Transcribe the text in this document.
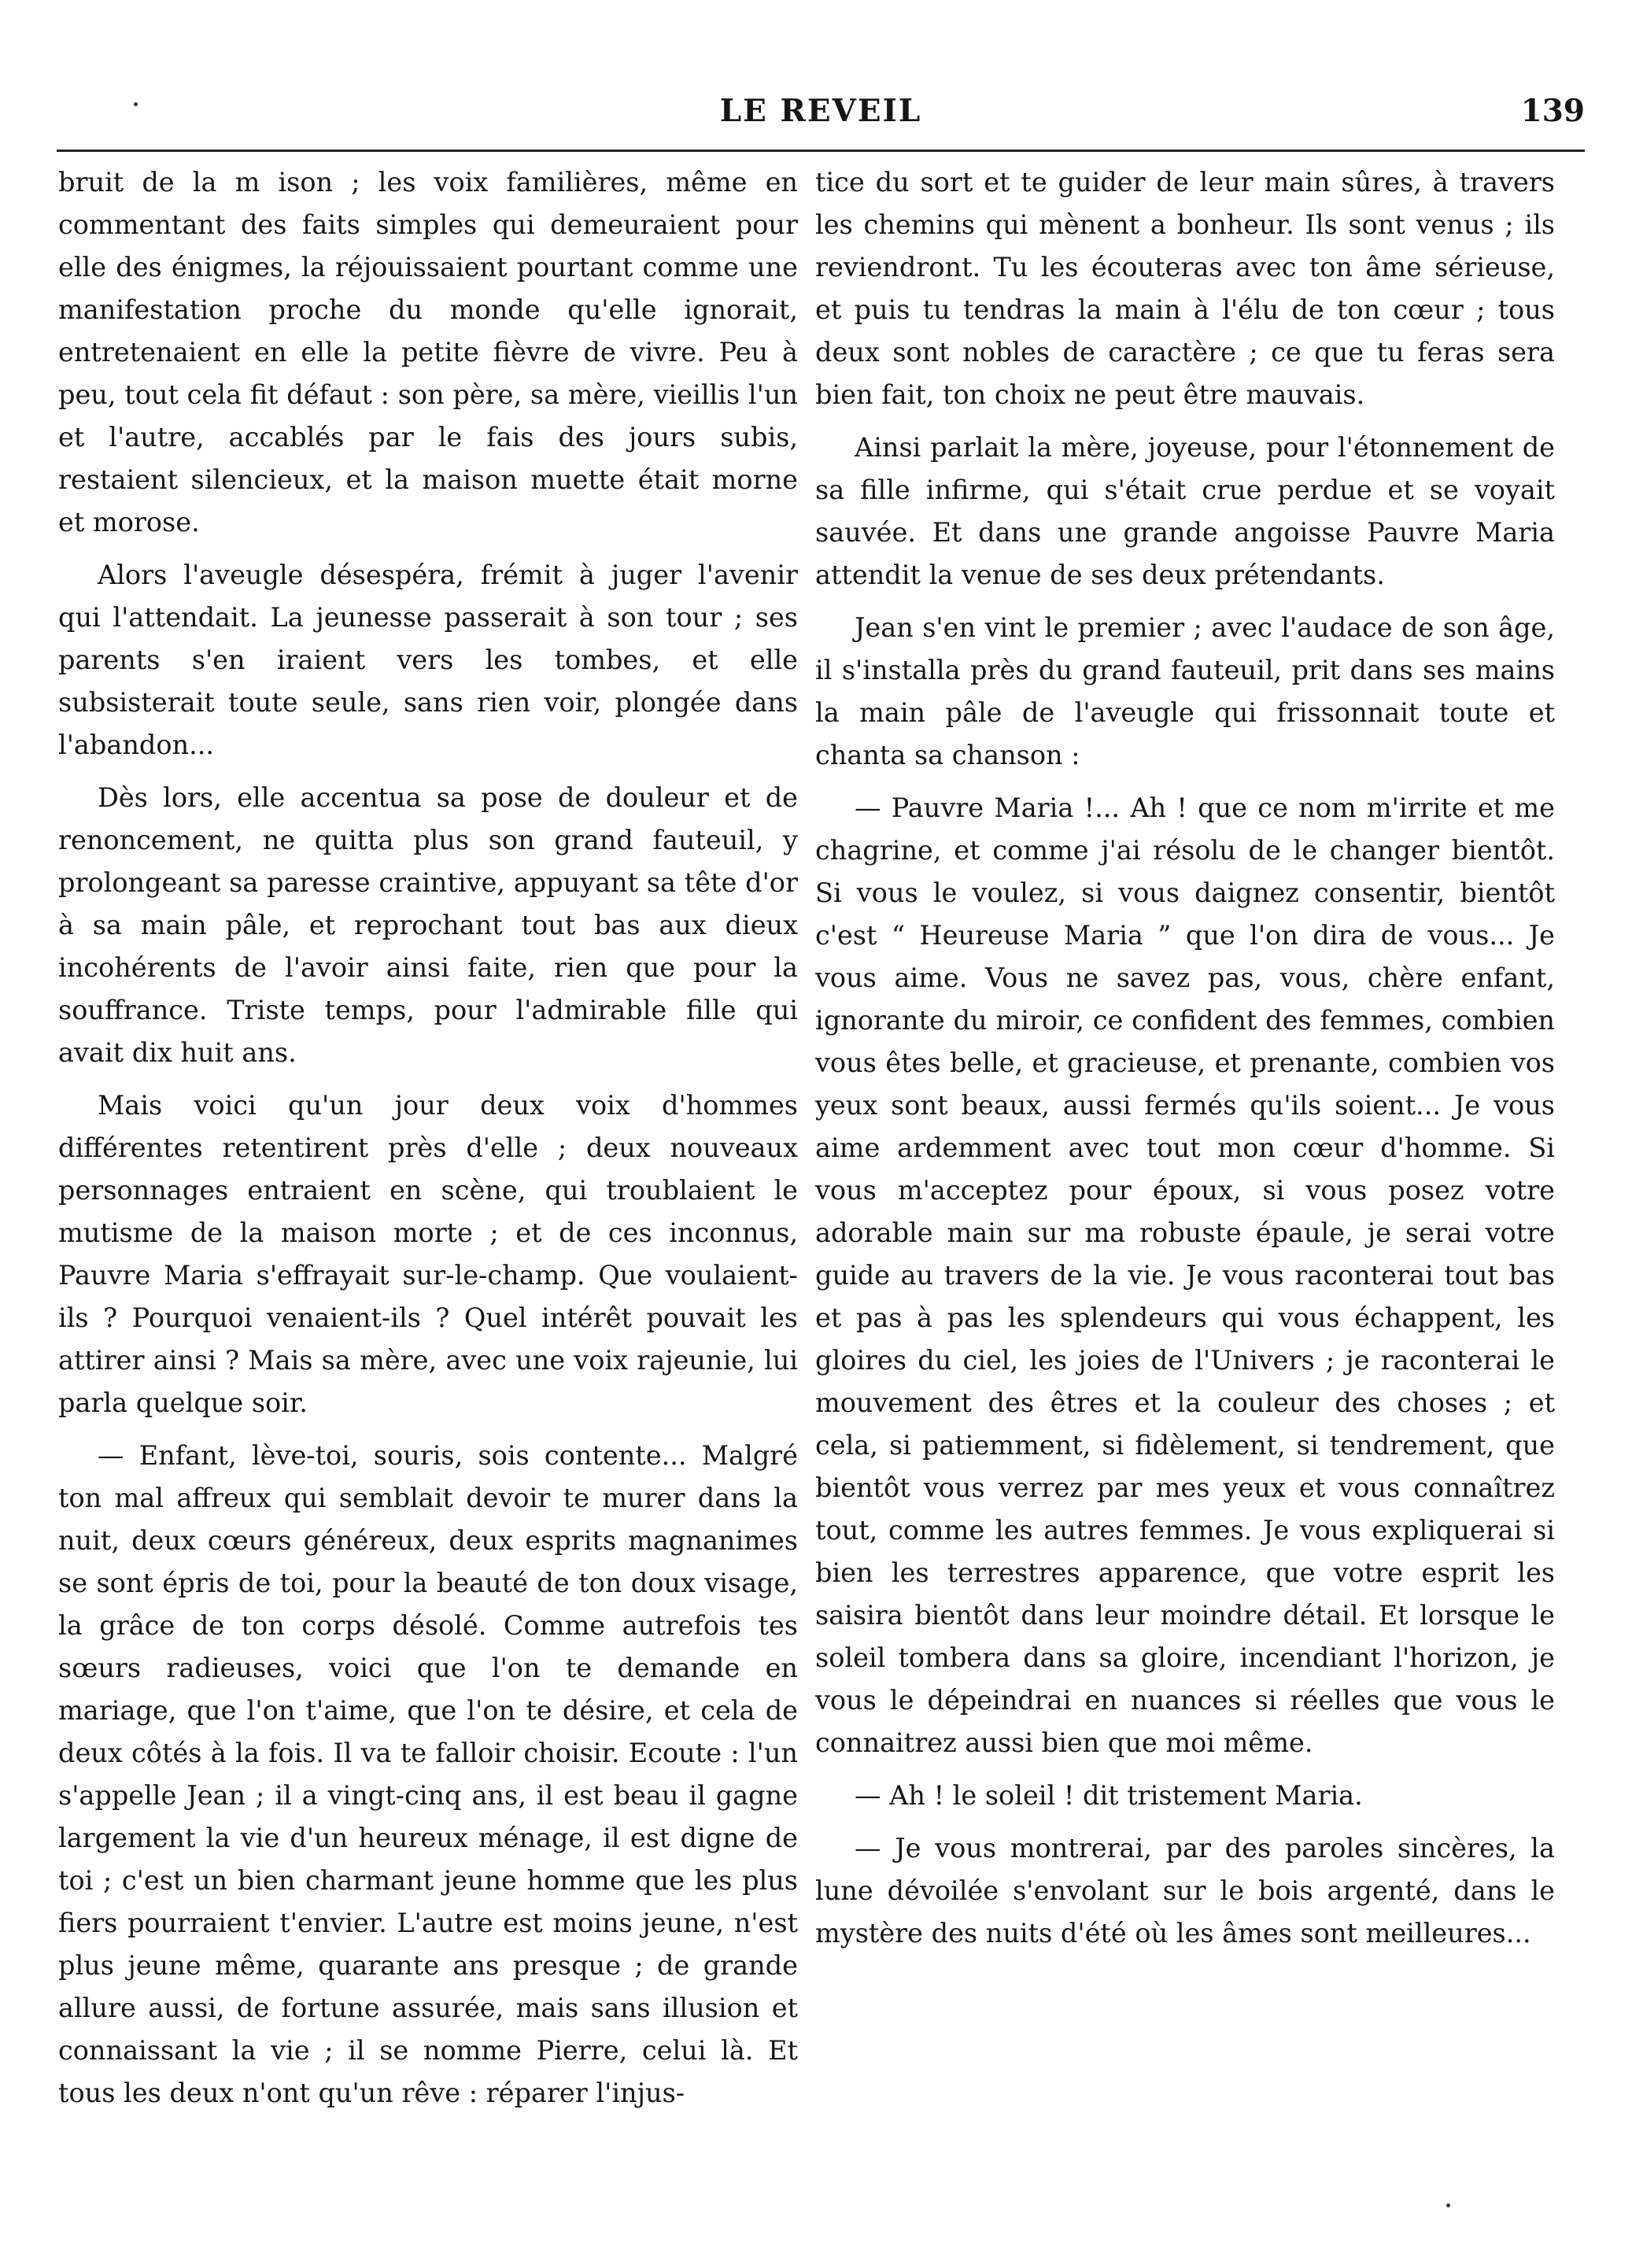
LE REVEIL	139

bruit de la m ison ; les voix familières, même en commentant des faits simples qui demeuraient pour elle des énigmes, la réjouissaient pourtant comme une manifestation proche du monde qu'elle ignorait, entretenaient en elle la petite fièvre de vivre. Peu à peu, tout cela fit défaut : son père, sa mère, vieillis l'un et l'autre, accablés par le fais des jours subis, restaient silencieux, et la maison muette était morne et morose.

Alors l'aveugle désespéra, frémit à juger l'avenir qui l'attendait. La jeunesse passerait à son tour ; ses parents s'en iraient vers les tombes, et elle subsisterait toute seule, sans rien voir, plongée dans l'abandon...

Dès lors, elle accentua sa pose de douleur et de renoncement, ne quitta plus son grand fauteuil, y prolongeant sa paresse craintive, appuyant sa tête d'or à sa main pâle, et reprochant tout bas aux dieux incohérents de l'avoir ainsi faite, rien que pour la souffrance. Triste temps, pour l'admirable fille qui avait dix huit ans.

Mais voici qu'un jour deux voix d'hommes différentes retentirent près d'elle ; deux nouveaux personnages entraient en scène, qui troublaient le mutisme de la maison morte ; et de ces inconnus, Pauvre Maria s'effrayait sur-le-champ. Que voulaient-ils ? Pourquoi venaient-ils ? Quel intérêt pouvait les attirer ainsi ? Mais sa mère, avec une voix rajeunie, lui parla quelque soir.

— Enfant, lève-toi, souris, sois contente... Malgré ton mal affreux qui semblait devoir te murer dans la nuit, deux cœurs généreux, deux esprits magnanimes se sont épris de toi, pour la beauté de ton doux visage, la grâce de ton corps désolé. Comme autrefois tes sœurs radieuses, voici que l'on te demande en mariage, que l'on t'aime, que l'on te désire, et cela de deux côtés à la fois. Il va te falloir choisir. Ecoute : l'un s'appelle Jean ; il a vingt-cinq ans, il est beau il gagne largement la vie d'un heureux ménage, il est digne de toi ; c'est un bien charmant jeune homme que les plus fiers pourraient t'envier. L'autre est moins jeune, n'est plus jeune même, quarante ans presque ; de grande allure aussi, de fortune assurée, mais sans illusion et connaissant la vie ; il se nomme Pierre, celui là. Et tous les deux n'ont qu'un rêve : réparer l'injus-

tice du sort et te guider de leur main sûres, à travers les chemins qui mènent a bonheur. Ils sont venus ; ils reviendront. Tu les écouteras avec ton âme sérieuse, et puis tu tendras la main à l'élu de ton cœur ; tous deux sont nobles de caractère ; ce que tu feras sera bien fait, ton choix ne peut être mauvais.

Ainsi parlait la mère, joyeuse, pour l'étonnement de sa fille infirme, qui s'était crue perdue et se voyait sauvée. Et dans une grande angoisse Pauvre Maria attendit la venue de ses deux prétendants.

Jean s'en vint le premier ; avec l'audace de son âge, il s'installa près du grand fauteuil, prit dans ses mains la main pâle de l'aveugle qui frissonnait toute et chanta sa chanson :

— Pauvre Maria !... Ah ! que ce nom m'irrite et me chagrine, et comme j'ai résolu de le changer bientôt. Si vous le voulez, si vous daignez consentir, bientôt c'est “ Heureuse Maria ” que l'on dira de vous... Je vous aime. Vous ne savez pas, vous, chère enfant, ignorante du miroir, ce confident des femmes, combien vous êtes belle, et gracieuse, et prenante, combien vos yeux sont beaux, aussi fermés qu'ils soient... Je vous aime ardemment avec tout mon cœur d'homme. Si vous m'acceptez pour époux, si vous posez votre adorable main sur ma robuste épaule, je serai votre guide au travers de la vie. Je vous raconterai tout bas et pas à pas les splendeurs qui vous échappent, les gloires du ciel, les joies de l'Univers ; je raconterai le mouvement des êtres et la couleur des choses ; et cela, si patiemment, si fidèlement, si tendrement, que bientôt vous verrez par mes yeux et vous connaîtrez tout, comme les autres femmes. Je vous expliquerai si bien les terrestres apparence, que votre esprit les saisira bientôt dans leur moindre détail. Et lorsque le soleil tombera dans sa gloire, incendiant l'horizon, je vous le dépeindrai en nuances si réelles que vous le connaitrez aussi bien que moi même.

— Ah ! le soleil ! dit tristement Maria.

— Je vous montrerai, par des paroles sincères, la lune dévoilée s'envolant sur le bois argenté, dans le mystère des nuits d'été où les âmes sont meilleures...
